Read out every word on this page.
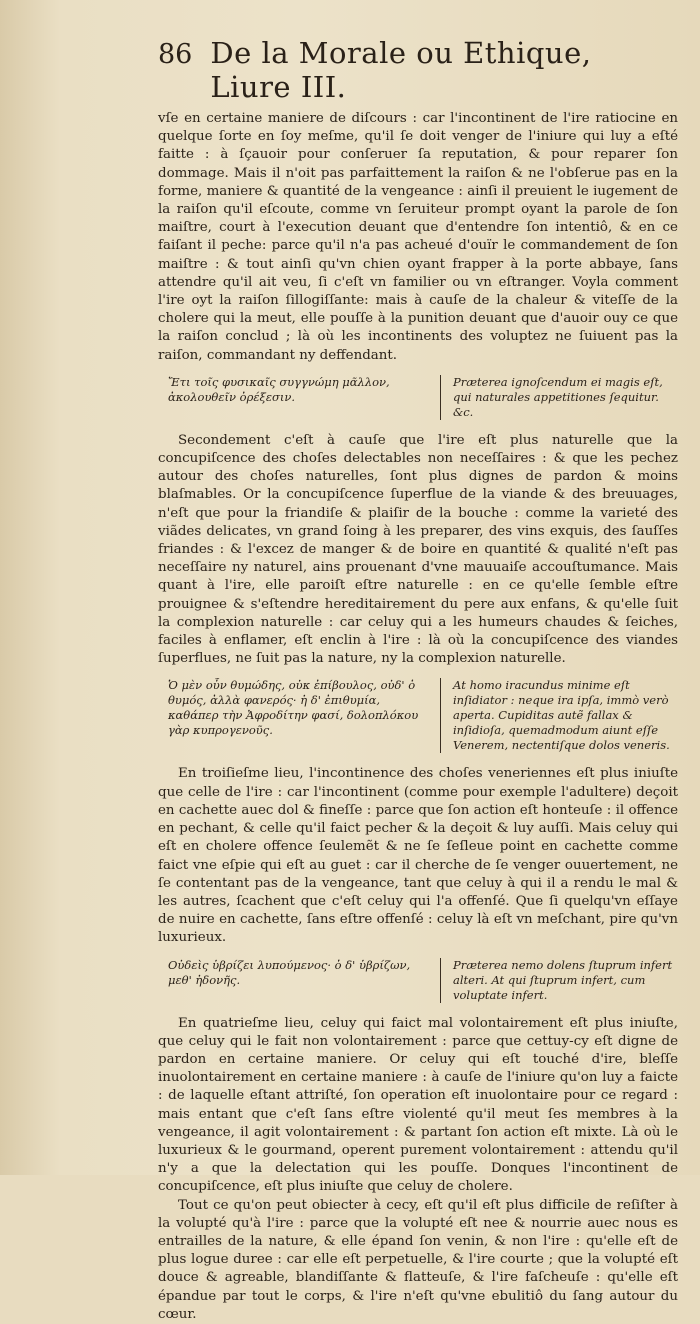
86 De la Morale ou Ethique, Liure III.

vſe en certaine maniere de diſcours : car l'incontinent de l'ire ratiocine en quelque ſorte en ſoy meſme, qu'il ſe doit venger de l'iniure qui luy a eſté faitte : à ſçauoir pour conſeruer ſa reputation, & pour reparer ſon dommage. Mais il n'oit pas parfaittement la raiſon & ne l'obſerue pas en la forme, maniere & quantité de la vengeance : ainſi il preuient le iugement de la raiſon qu'il eſcoute, comme vn ſeruiteur prompt oyant la parole de ſon maiſtre, court à l'execution deuant que d'entendre ſon intentiô, & en ce faiſant il peche: parce qu'il n'a pas acheué d'ouïr le commandement de ſon maiſtre : & tout ainſi qu'vn chien oyant frapper à la porte abbaye, ſans attendre qu'il ait veu, ſi c'eſt vn familier ou vn eſtranger. Voyla comment l'ire oyt la raiſon ſillogiſſante: mais à cauſe de la chaleur & viteſſe de la cholere qui la meut, elle pouſſe à la punition deuant que d'auoir ouy ce que la raiſon conclud ; là où les incontinents des voluptez ne ſuiuent pas la raiſon, commandant ny deffendant.

Ἔτι τοῖς φυσικαῖς συγγνώμη μᾶλλον, ἀκολουθεῖν ὀρέξεσιν.
Præterea ignoſcendum ei magis eſt, qui naturales appetitiones ſequitur. &c.

Secondement c'eſt à cauſe que l'ire eſt plus naturelle que la concupiſcence des choſes delectables non neceſſaires : & que les pechez autour des choſes naturelles, ſont plus dignes de pardon & moins blaſmables. Or la concupiſcence ſuperflue de la viande & des breuuages, n'eſt que pour la friandiſe & plaiſir de la bouche : comme la varieté des viãdes delicates, vn grand ſoing à les preparer, des vins exquis, des ſauſſes friandes : & l'excez de manger & de boire en quantité & qualité n'eſt pas neceſſaire ny naturel, ains prouenant d'vne mauuaiſe accouſtumance. Mais quant à l'ire, elle paroiſt eſtre naturelle : en ce qu'elle ſemble eſtre prouignee & s'eſtendre hereditairement du pere aux enfans, & qu'elle ſuit la complexion naturelle : car celuy qui a les humeurs chaudes & ſeiches, faciles à enflamer, eſt enclin à l'ire : là où la concupiſcence des viandes ſuperflues, ne ſuit pas la nature, ny la complexion naturelle.

Ὁ μὲν οὖν θυμώδης, οὐκ ἐπίβουλος, οὐδ' ὁ θυμός, ἀλλὰ φανερός· ἡ δ' ἐπιθυμία, καθάπερ τὴν Ἀφροδίτην φασί, δολοπλόκου γὰρ κυπρογενοῦς.
Αt homo iracundus minime eſt inſidiator : neque ira ipſa, immò verò aperta. Cupiditas autẽ fallax & inſidioſa, quemadmodum aiunt eſſe Venerem, nectentiſque dolos veneris.

En troiſieſme lieu, l'incontinence des choſes veneriennes eſt plus iniuſte que celle de l'ire : car l'incontinent (comme pour exemple l'adultere) deçoit en cachette auec dol & fineſſe : parce que ſon action eſt honteuſe : il offence en pechant, & celle qu'il faict pecher & la deçoit & luy auſſi. Mais celuy qui eſt en cholere offence ſeulemẽt & ne ſe ſeſleue point en cachette comme faict vne eſpie qui eſt au guet : car il cherche de ſe venger ouuertement, ne ſe contentant pas de la vengeance, tant que celuy à qui il a rendu le mal & les autres, ſcachent que c'eſt celuy qui l'a offenſé. Que ſi quelqu'vn eſſaye de nuire en cachette, ſans eſtre offenſé : celuy là eſt vn meſchant, pire qu'vn luxurieux.

Οὐδεὶς ὑβρίζει λυπούμενος· ὁ δ' ὑβρίζων, μεθ' ἡδονῆς.
Præterea nemo dolens ſtuprum infert alteri. At qui ſtuprum infert, cum voluptate infert.

En quatrieſme lieu, celuy qui faict mal volontairement eſt plus iniuſte, que celuy qui le fait non volontairement : parce que cettuy-cy eſt digne de pardon en certaine maniere. Or celuy qui eſt touché d'ire, bleſſe inuolontairement en certaine maniere : à cauſe de l'iniure qu'on luy a faicte : de laquelle eſtant attriſté, ſon operation eſt inuolontaire pour ce regard : mais entant que c'eſt ſans eſtre violenté qu'il meut ſes membres à la vengeance, il agit volontairement : & partant ſon action eſt mixte. Là où le luxurieux & le gourmand, operent purement volontairement : attendu qu'il n'y a que la delectation qui les pouſſe. Donques l'incontinent de concupiſcence, eſt plus iniuſte que celuy de cholere.

Tout ce qu'on peut obiecter à cecy, eſt qu'il eſt plus difficile de reſiſter à la volupté qu'à l'ire : parce que la volupté eſt nee & nourrie auec nous es entrailles de la nature, & elle épand ſon venin, & non l'ire : qu'elle eſt de plus logue duree : car elle eſt perpetuelle, & l'ire courte ; que la volupté eſt douce & agreable, blandiſſante & flatteuſe, & l'ire faſcheuſe : qu'elle eſt épandue par tout le corps, & l'ire n'eſt qu'vne ebulitiô du ſang autour du cœur.
